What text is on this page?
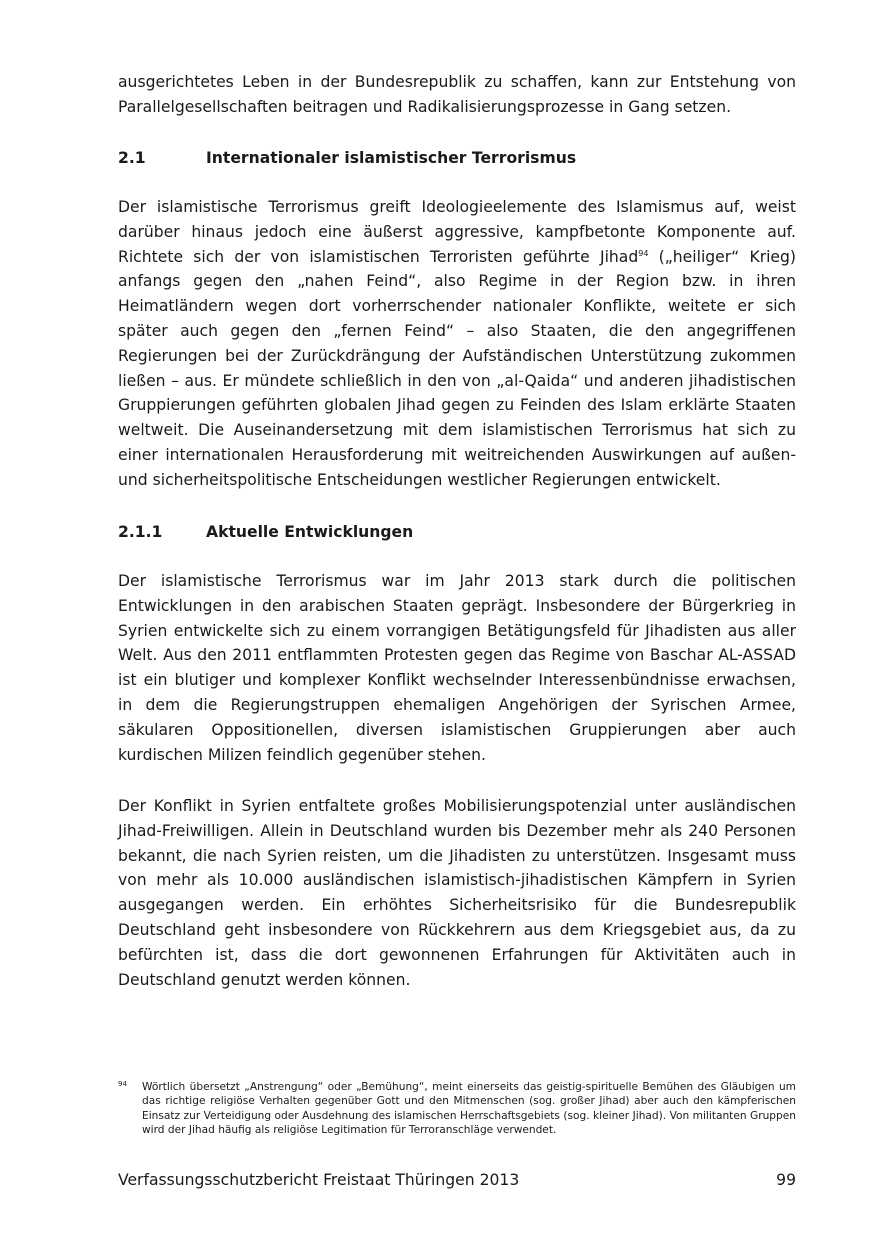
ausgerichtetes Leben in der Bundesrepublik zu schaffen, kann zur Entstehung von Parallelgesellschaften beitragen und Radikalisierungsprozesse in Gang setzen.

2.1	Internationaler islamistischer Terrorismus

Der islamistische Terrorismus greift Ideologieelemente des Islamismus auf, weist darüber hinaus jedoch eine äußerst aggressive, kampfbetonte Komponente auf. Richtete sich der von islamistischen Terroristen geführte Jihad$^{94}$ („heiliger“ Krieg) anfangs gegen den „nahen Feind“, also Regime in der Region bzw. in ihren Heimatländern wegen dort vorherrschender nationaler Konflikte, weitete er sich später auch gegen den „fernen Feind“ – also Staaten, die den angegriffenen Regierungen bei der Zurückdrängung der Aufständischen Unterstützung zukommen ließen – aus. Er mündete schließlich in den von „al-Qaida“ und anderen jihadistischen Gruppierungen geführten globalen Jihad gegen zu Feinden des Islam erklärte Staaten weltweit. Die Auseinandersetzung mit dem islamistischen Terrorismus hat sich zu einer internationalen Herausforderung mit weitreichenden Auswirkungen auf außen- und sicherheitspolitische Entscheidungen westlicher Regierungen entwickelt.

2.1.1	Aktuelle Entwicklungen

Der islamistische Terrorismus war im Jahr 2013 stark durch die politischen Entwicklungen in den arabischen Staaten geprägt. Insbesondere der Bürgerkrieg in Syrien entwickelte sich zu einem vorrangigen Betätigungsfeld für Jihadisten aus aller Welt. Aus den 2011 entflammten Protesten gegen das Regime von Baschar AL-ASSAD ist ein blutiger und komplexer Konflikt wechselnder Interessenbündnisse erwachsen, in dem die Regierungstruppen ehemaligen Angehörigen der Syrischen Armee, säkularen Oppositionellen, diversen islamistischen Gruppierungen aber auch kurdischen Milizen feindlich gegenüber stehen.

Der Konflikt in Syrien entfaltete großes Mobilisierungspotenzial unter ausländischen Jihad-Freiwilligen. Allein in Deutschland wurden bis Dezember mehr als 240 Personen bekannt, die nach Syrien reisten, um die Jihadisten zu unterstützen. Insgesamt muss von mehr als 10.000 ausländischen islamistisch-jihadistischen Kämpfern in Syrien ausgegangen werden. Ein erhöhtes Sicherheitsrisiko für die Bundesrepublik Deutschland geht insbesondere von Rückkehrern aus dem Kriegsgebiet aus, da zu befürchten ist, dass die dort gewonnenen Erfahrungen für Aktivitäten auch in Deutschland genutzt werden können.

94 Wörtlich übersetzt „Anstrengung“ oder „Bemühung“, meint einerseits das geistig-spirituelle Bemühen des Gläubigen um das richtige religiöse Verhalten gegenüber Gott und den Mitmenschen (sog. großer Jihad) aber auch den kämpferischen Einsatz zur Verteidigung oder Ausdehnung des islamischen Herrschaftsgebiets (sog. kleiner Jihad). Von militanten Gruppen wird der Jihad häufig als religiöse Legitimation für Terroranschläge verwendet.

Verfassungsschutzbericht Freistaat Thüringen 2013	99
